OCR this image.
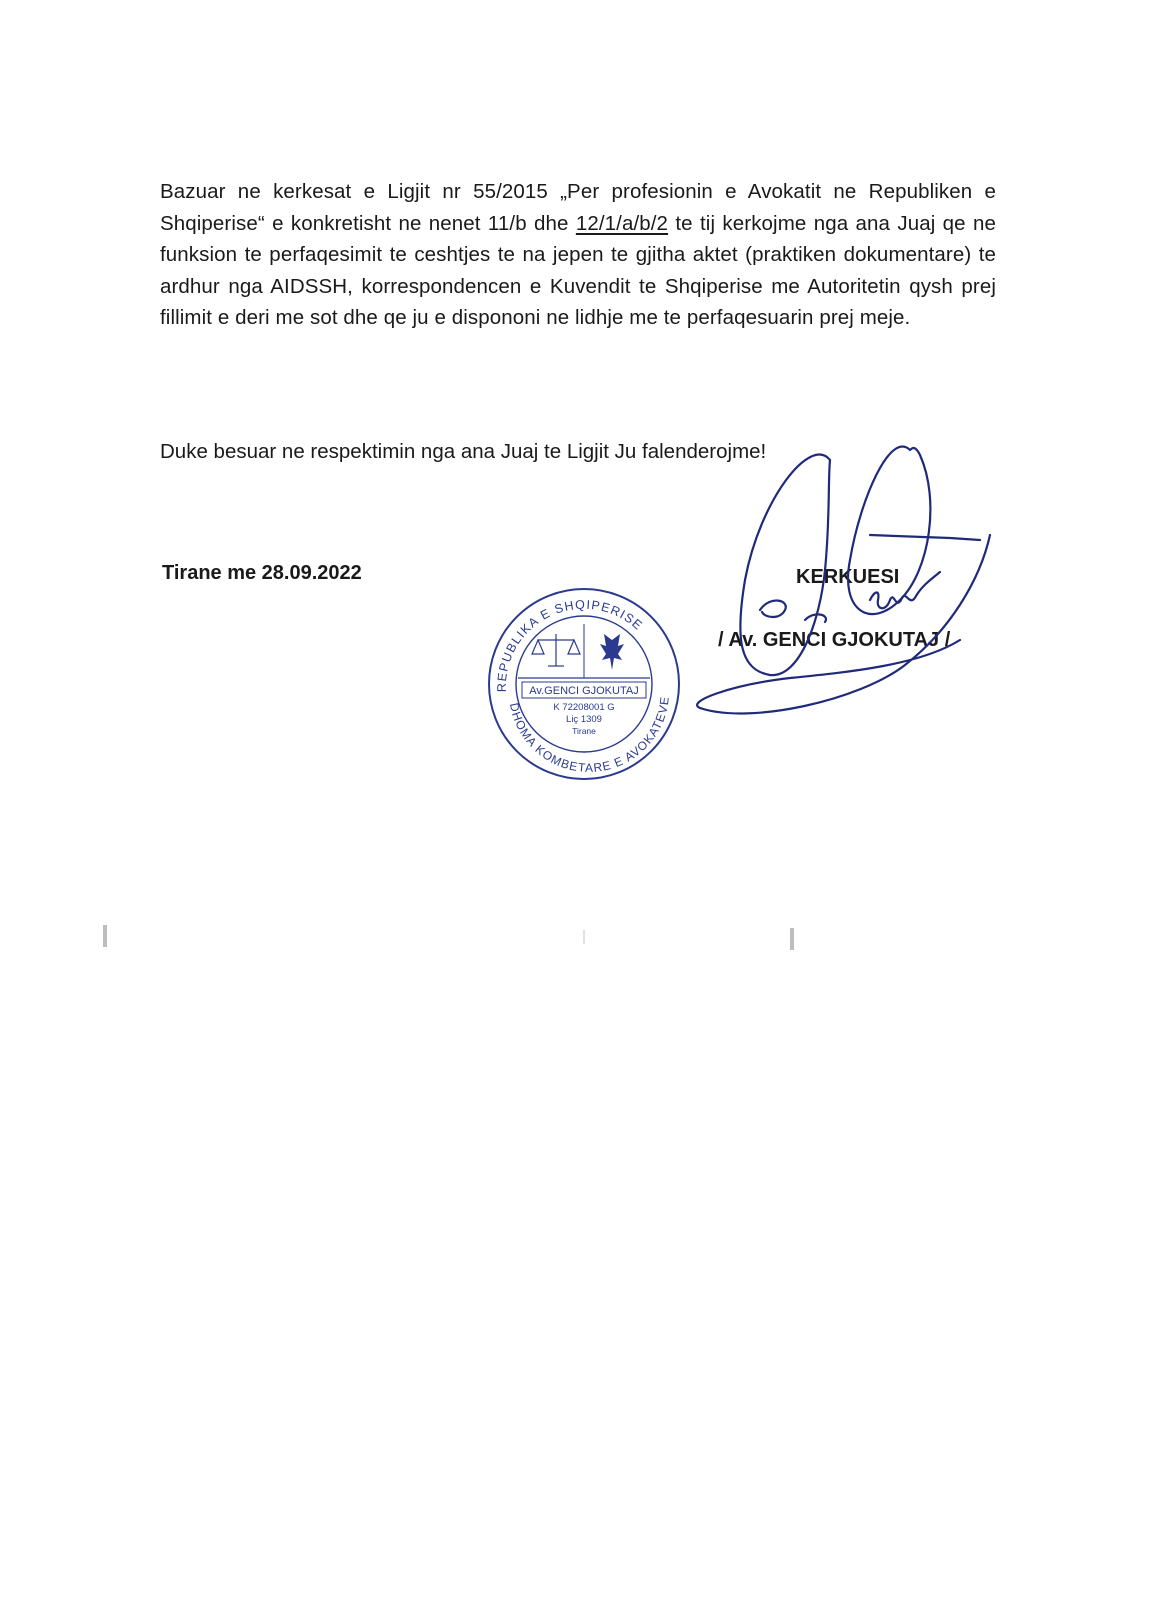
Bazuar ne kerkesat e Ligjit nr 55/2015 „Per profesionin e Avokatit ne Republiken e Shqiperise“ e konkretisht ne nenet 11/b dhe 12/1/a/b/2 te tij kerkojme nga ana Juaj qe ne funksion te perfaqesimit te ceshtjes te na jepen te gjitha aktet (praktiken dokumentare) te ardhur nga AIDSSH, korrespondencen e Kuvendit te Shqiperise me Autoritetin qysh prej fillimit e deri me sot dhe qe ju e dispononi ne lidhje me te perfaqesuarin prej meje.

Duke besuar ne respektimin nga ana Juaj te Ligjit Ju falenderojme!
Tirane me 28.09.2022	KERKUESI
/ Av. GENCI GJOKUTAJ /
REPUBLIKA E SHQIPERISE
DHOMA KOMBETARE E AVOKATEVE
Av.GENCI GJOKUTAJ
K 72208001 G
Liç 1309
Tirane
